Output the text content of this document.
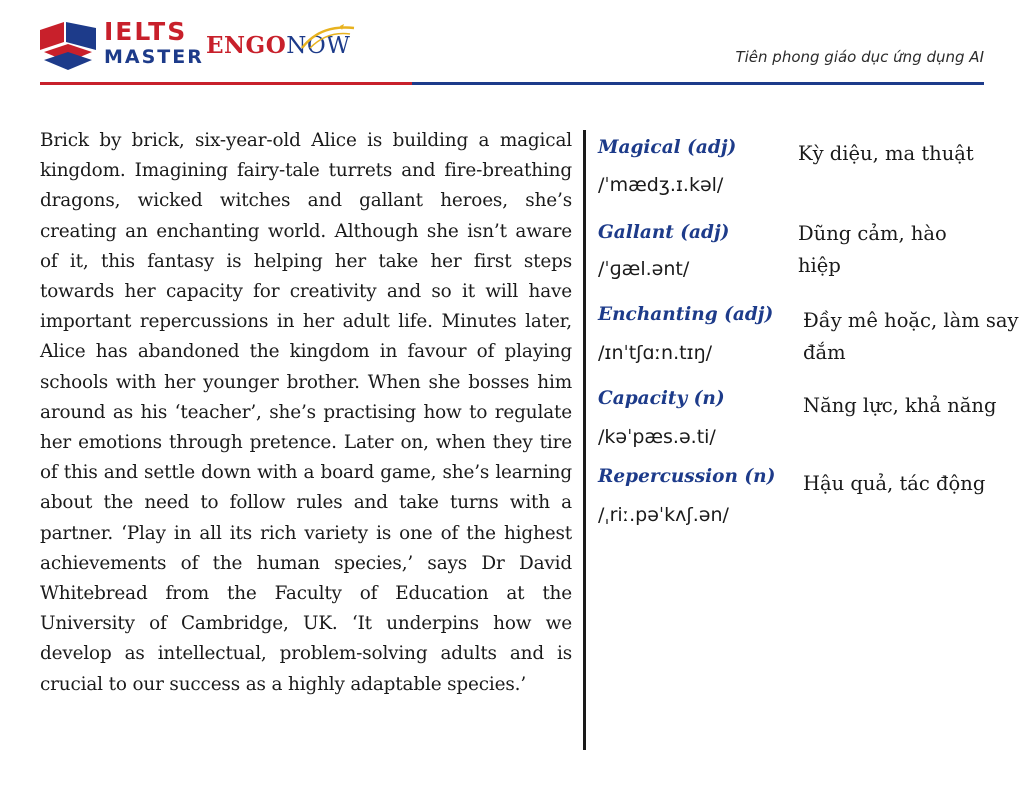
IELTS
MASTER ENGONOW	Tiên phong giáo dục ứng dụng AI

Brick by brick, six-year-old Alice is building a magical kingdom. Imagining fairy-tale turrets and fire-breathing dragons, wicked witches and gallant heroes, she’s creating an enchanting world. Although she isn’t aware of it, this fantasy is helping her take her first steps towards her capacity for creativity and so it will have important repercussions in her adult life. Minutes later, Alice has abandoned the kingdom in favour of playing schools with her younger brother. When she bosses him around as his ‘teacher’, she’s practising how to regulate her emotions through pretence. Later on, when they tire of this and settle down with a board game, she’s learning about the need to follow rules and take turns with a partner. ‘Play in all its rich variety is one of the highest achievements of the human species,’ says Dr David Whitebread from the Faculty of Education at the University of Cambridge, UK. ‘It underpins how we develop as intellectual, problem-solving adults and is crucial to our success as a highly adaptable species.’

Magical (adj)
/ˈmædʒ.ɪ.kəl/
Kỳ diệu, ma thuật
Gallant (adj)
/ˈɡæl.ənt/
Dũng cảm, hào hiệp
Enchanting (adj)
/ɪnˈtʃɑːn.tɪŋ/
Đầy mê hoặc, làm say đắm
Capacity (n)
/kəˈpæs.ə.ti/
Năng lực, khả năng
Repercussion (n)
/ˌriː.pəˈkʌʃ.ən/
Hậu quả, tác động
